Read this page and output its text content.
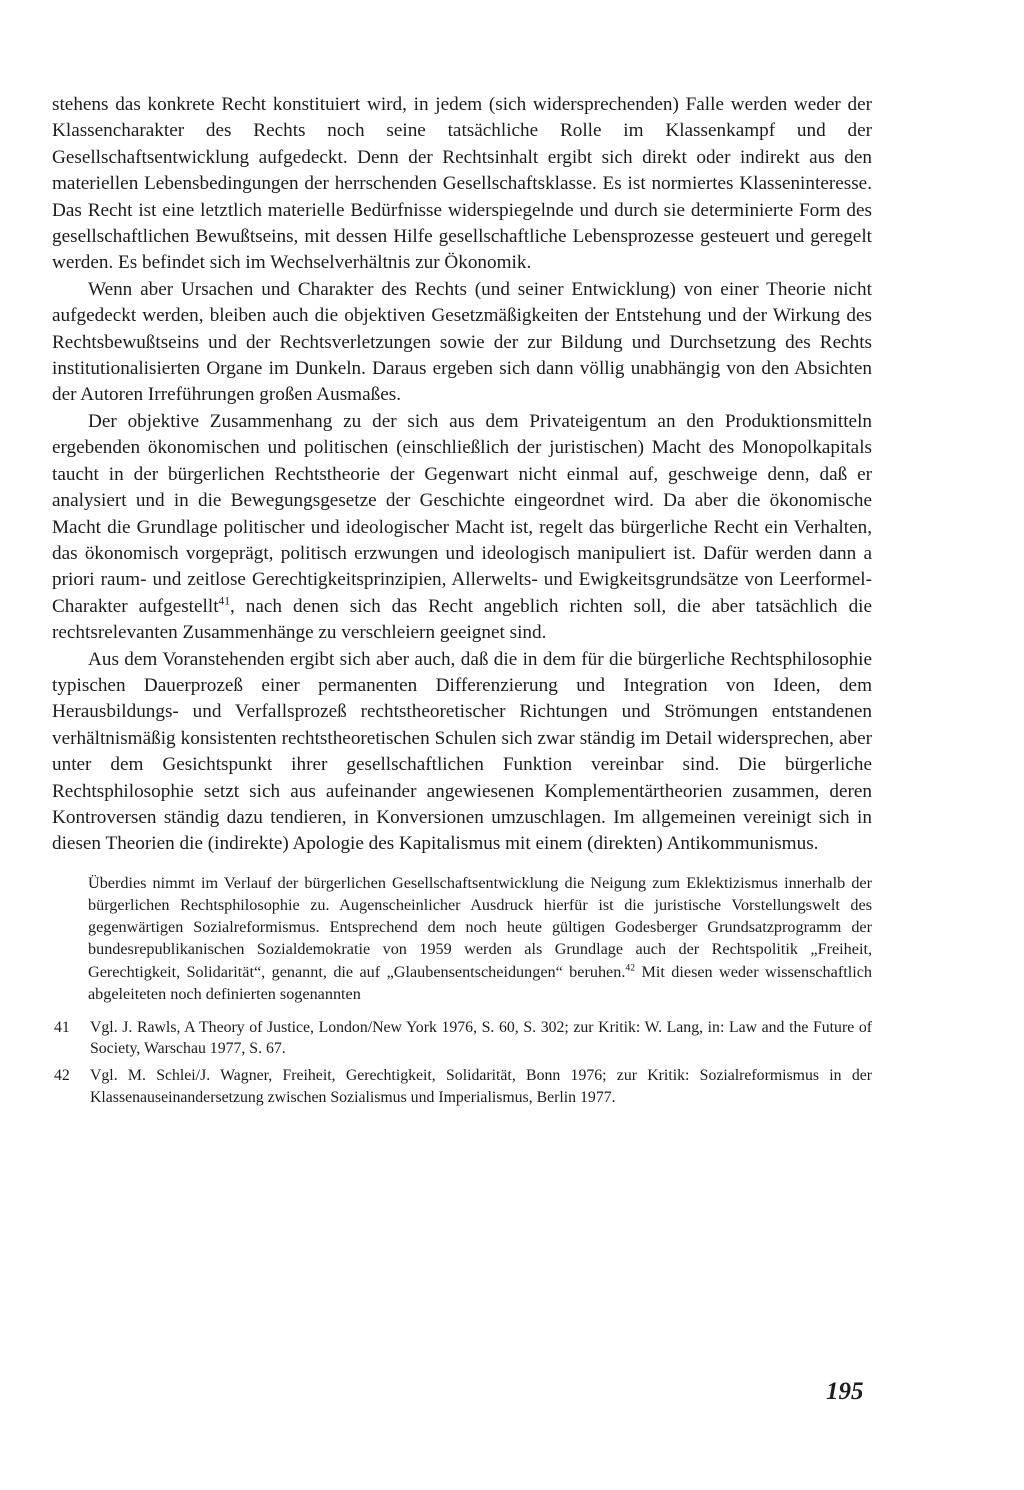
stehens das konkrete Recht konstituiert wird, in jedem (sich widersprechenden) Falle werden weder der Klassencharakter des Rechts noch seine tatsächliche Rolle im Klassenkampf und der Gesellschaftsentwicklung aufgedeckt. Denn der Rechtsinhalt ergibt sich direkt oder indirekt aus den materiellen Lebensbedingungen der herrschenden Gesellschaftsklasse. Es ist normiertes Klasseninteresse. Das Recht ist eine letztlich materielle Bedürfnisse widerspiegelnde und durch sie determinierte Form des gesellschaftlichen Bewußtseins, mit dessen Hilfe gesellschaftliche Lebensprozesse gesteuert und geregelt werden. Es befindet sich im Wechselverhältnis zur Ökonomik.

Wenn aber Ursachen und Charakter des Rechts (und seiner Entwicklung) von einer Theorie nicht aufgedeckt werden, bleiben auch die objektiven Gesetzmäßigkeiten der Entstehung und der Wirkung des Rechtsbewußtseins und der Rechtsverletzungen sowie der zur Bildung und Durchsetzung des Rechts institutionalisierten Organe im Dunkeln. Daraus ergeben sich dann völlig unabhängig von den Absichten der Autoren Irreführungen großen Ausmaßes.

Der objektive Zusammenhang zu der sich aus dem Privateigentum an den Produktionsmitteln ergebenden ökonomischen und politischen (einschließlich der juristischen) Macht des Monopolkapitals taucht in der bürgerlichen Rechtstheorie der Gegenwart nicht einmal auf, geschweige denn, daß er analysiert und in die Bewegungsgesetze der Geschichte eingeordnet wird. Da aber die ökonomische Macht die Grundlage politischer und ideologischer Macht ist, regelt das bürgerliche Recht ein Verhalten, das ökonomisch vorgeprägt, politisch erzwungen und ideologisch manipuliert ist. Dafür werden dann a priori raum- und zeitlose Gerechtigkeitsprinzipien, Allerwelts- und Ewigkeitsgrundsätze von Leerformel-Charakter aufgestellt$^{41}$, nach denen sich das Recht angeblich richten soll, die aber tatsächlich die rechtsrelevanten Zusammenhänge zu verschleiern geeignet sind.

Aus dem Voranstehenden ergibt sich aber auch, daß die in dem für die bürgerliche Rechtsphilosophie typischen Dauerprozeß einer permanenten Differenzierung und Integration von Ideen, dem Herausbildungs- und Verfallsprozeß rechtstheoretischer Richtungen und Strömungen entstandenen verhältnismäßig konsistenten rechtstheoretischen Schulen sich zwar ständig im Detail widersprechen, aber unter dem Gesichtspunkt ihrer gesellschaftlichen Funktion vereinbar sind. Die bürgerliche Rechtsphilosophie setzt sich aus aufeinander angewiesenen Komplementärtheorien zusammen, deren Kontroversen ständig dazu tendieren, in Konversionen umzuschlagen. Im allgemeinen vereinigt sich in diesen Theorien die (indirekte) Apologie des Kapitalismus mit einem (direkten) Antikommunismus.

Überdies nimmt im Verlauf der bürgerlichen Gesellschaftsentwicklung die Neigung zum Eklektizismus innerhalb der bürgerlichen Rechtsphilosophie zu. Augenscheinlicher Ausdruck hierfür ist die juristische Vorstellungswelt des gegenwärtigen Sozialreformismus. Entsprechend dem noch heute gültigen Godesberger Grundsatzprogramm der bundesrepublikanischen Sozialdemokratie von 1959 werden als Grundlage auch der Rechtspolitik „Freiheit, Gerechtigkeit, Solidarität“, genannt, die auf „Glaubensentscheidungen“ beruhen.$^{42}$ Mit diesen weder wissenschaftlich abgeleiteten noch definierten sogenannten

41	Vgl. J. Rawls, A Theory of Justice, London/New York 1976, S. 60, S. 302; zur Kritik: W. Lang, in: Law and the Future of Society, Warschau 1977, S. 67.
42	Vgl. M. Schlei/J. Wagner, Freiheit, Gerechtigkeit, Solidarität, Bonn 1976; zur Kritik: Sozialreformismus in der Klassenauseinandersetzung zwischen Sozialismus und Imperialismus, Berlin 1977.
195
